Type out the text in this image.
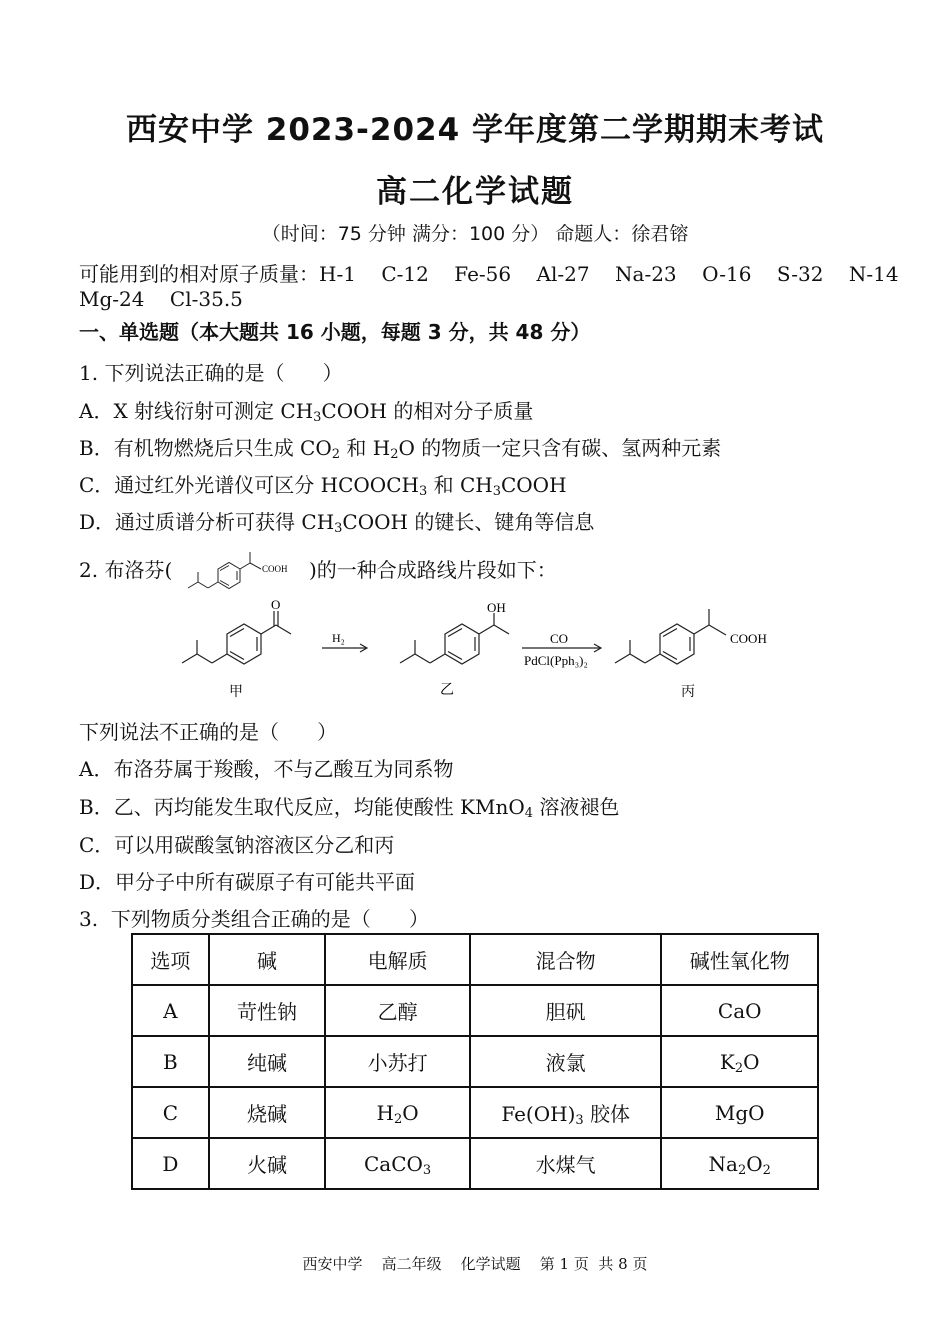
西安中学 2023-2024 学年度第二学期期末考试
高二化学试题
（时间：75 分钟 满分：100 分） 命题人：徐君镕
可能用到的相对原子质量：H-1    C-12    Fe-56    Al-27    Na-23    O-16    S-32    N-14
Mg-24    Cl-35.5
一、单选题（本大题共 16 小题，每题 3 分，共 48 分）
1. 下列说法正确的是（      ）
A．X 射线衍射可测定 $CH_3COOH$ 的相对分子质量
B．有机物燃烧后只生成 $CO_2$ 和 $H_2O$ 的物质一定只含有碳、氢两种元素
C．通过红外光谱仪可区分 $HCOOCH_3$ 和 $CH_3COOH$
D．通过质谱分析可获得 $CH_3COOH$ 的键长、键角等信息
2. 布洛芬(	COOH )的一种合成路线片段如下：
O	OH
COOH
H₂	CO
PdCl(Pph₃)₂
甲	乙	丙
下列说法不正确的是（      ）
A．布洛芬属于羧酸，不与乙酸互为同系物
B．乙、丙均能发生取代反应，均能使酸性 KMnO$_4$ 溶液褪色
C．可以用碳酸氢钠溶液区分乙和丙
D．甲分子中所有碳原子有可能共平面
3.  下列物质分类组合正确的是（      ）
选项	碱	电解质	混合物	碱性氧化物
A	苛性钠	乙醇	胆矾	CaO
B	纯碱	小苏打	液氯	$K_2O$
C	烧碱	$H_2O$	$Fe(OH)_3$ 胶体	MgO
D	火碱	CaCO$_3$	水煤气	$Na_2O_2$
西安中学    高二年级    化学试题    第 1 页  共 8 页
